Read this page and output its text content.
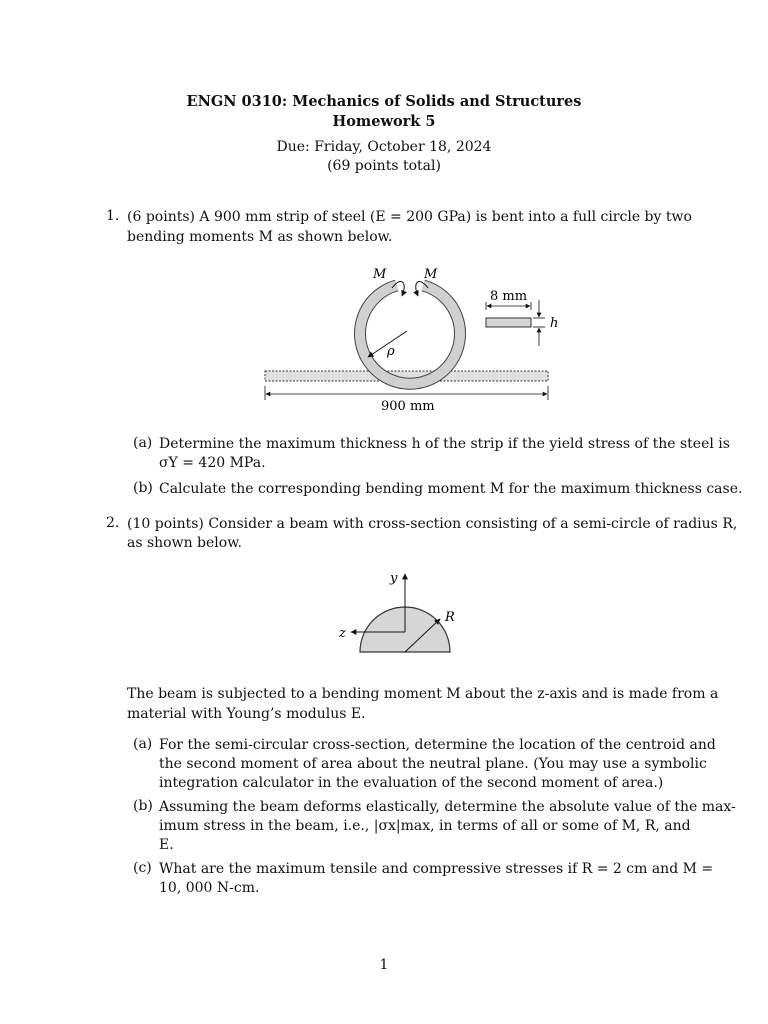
ENGN 0310: Mechanics of Solids and Structures
Homework 5
Due: Friday, October 18, 2024
(69 points total)
1. (6 points) A 900 mm strip of steel (E = 200 GPa) is bent into a full circle by two
bending moments M as shown below.
M	M
ρ
8 mm
h
900 mm
(a) Determine the maximum thickness h of the strip if the yield stress of the steel is
σY = 420 MPa.
(b) Calculate the corresponding bending moment M for the maximum thickness case.
2. (10 points) Consider a beam with cross-section consisting of a semi-circle of radius R,
as shown below.
y
z
R
The beam is subjected to a bending moment M about the z-axis and is made from a
material with Young’s modulus E.
(a) For the semi-circular cross-section, determine the location of the centroid and
the second moment of area about the neutral plane. (You may use a symbolic
integration calculator in the evaluation of the second moment of area.)
(b) Assuming the beam deforms elastically, determine the absolute value of the max-
imum stress in the beam, i.e., |σx|max, in terms of all or some of M, R, and
E.
(c) What are the maximum tensile and compressive stresses if R = 2 cm and M =
10, 000 N-cm.
1
